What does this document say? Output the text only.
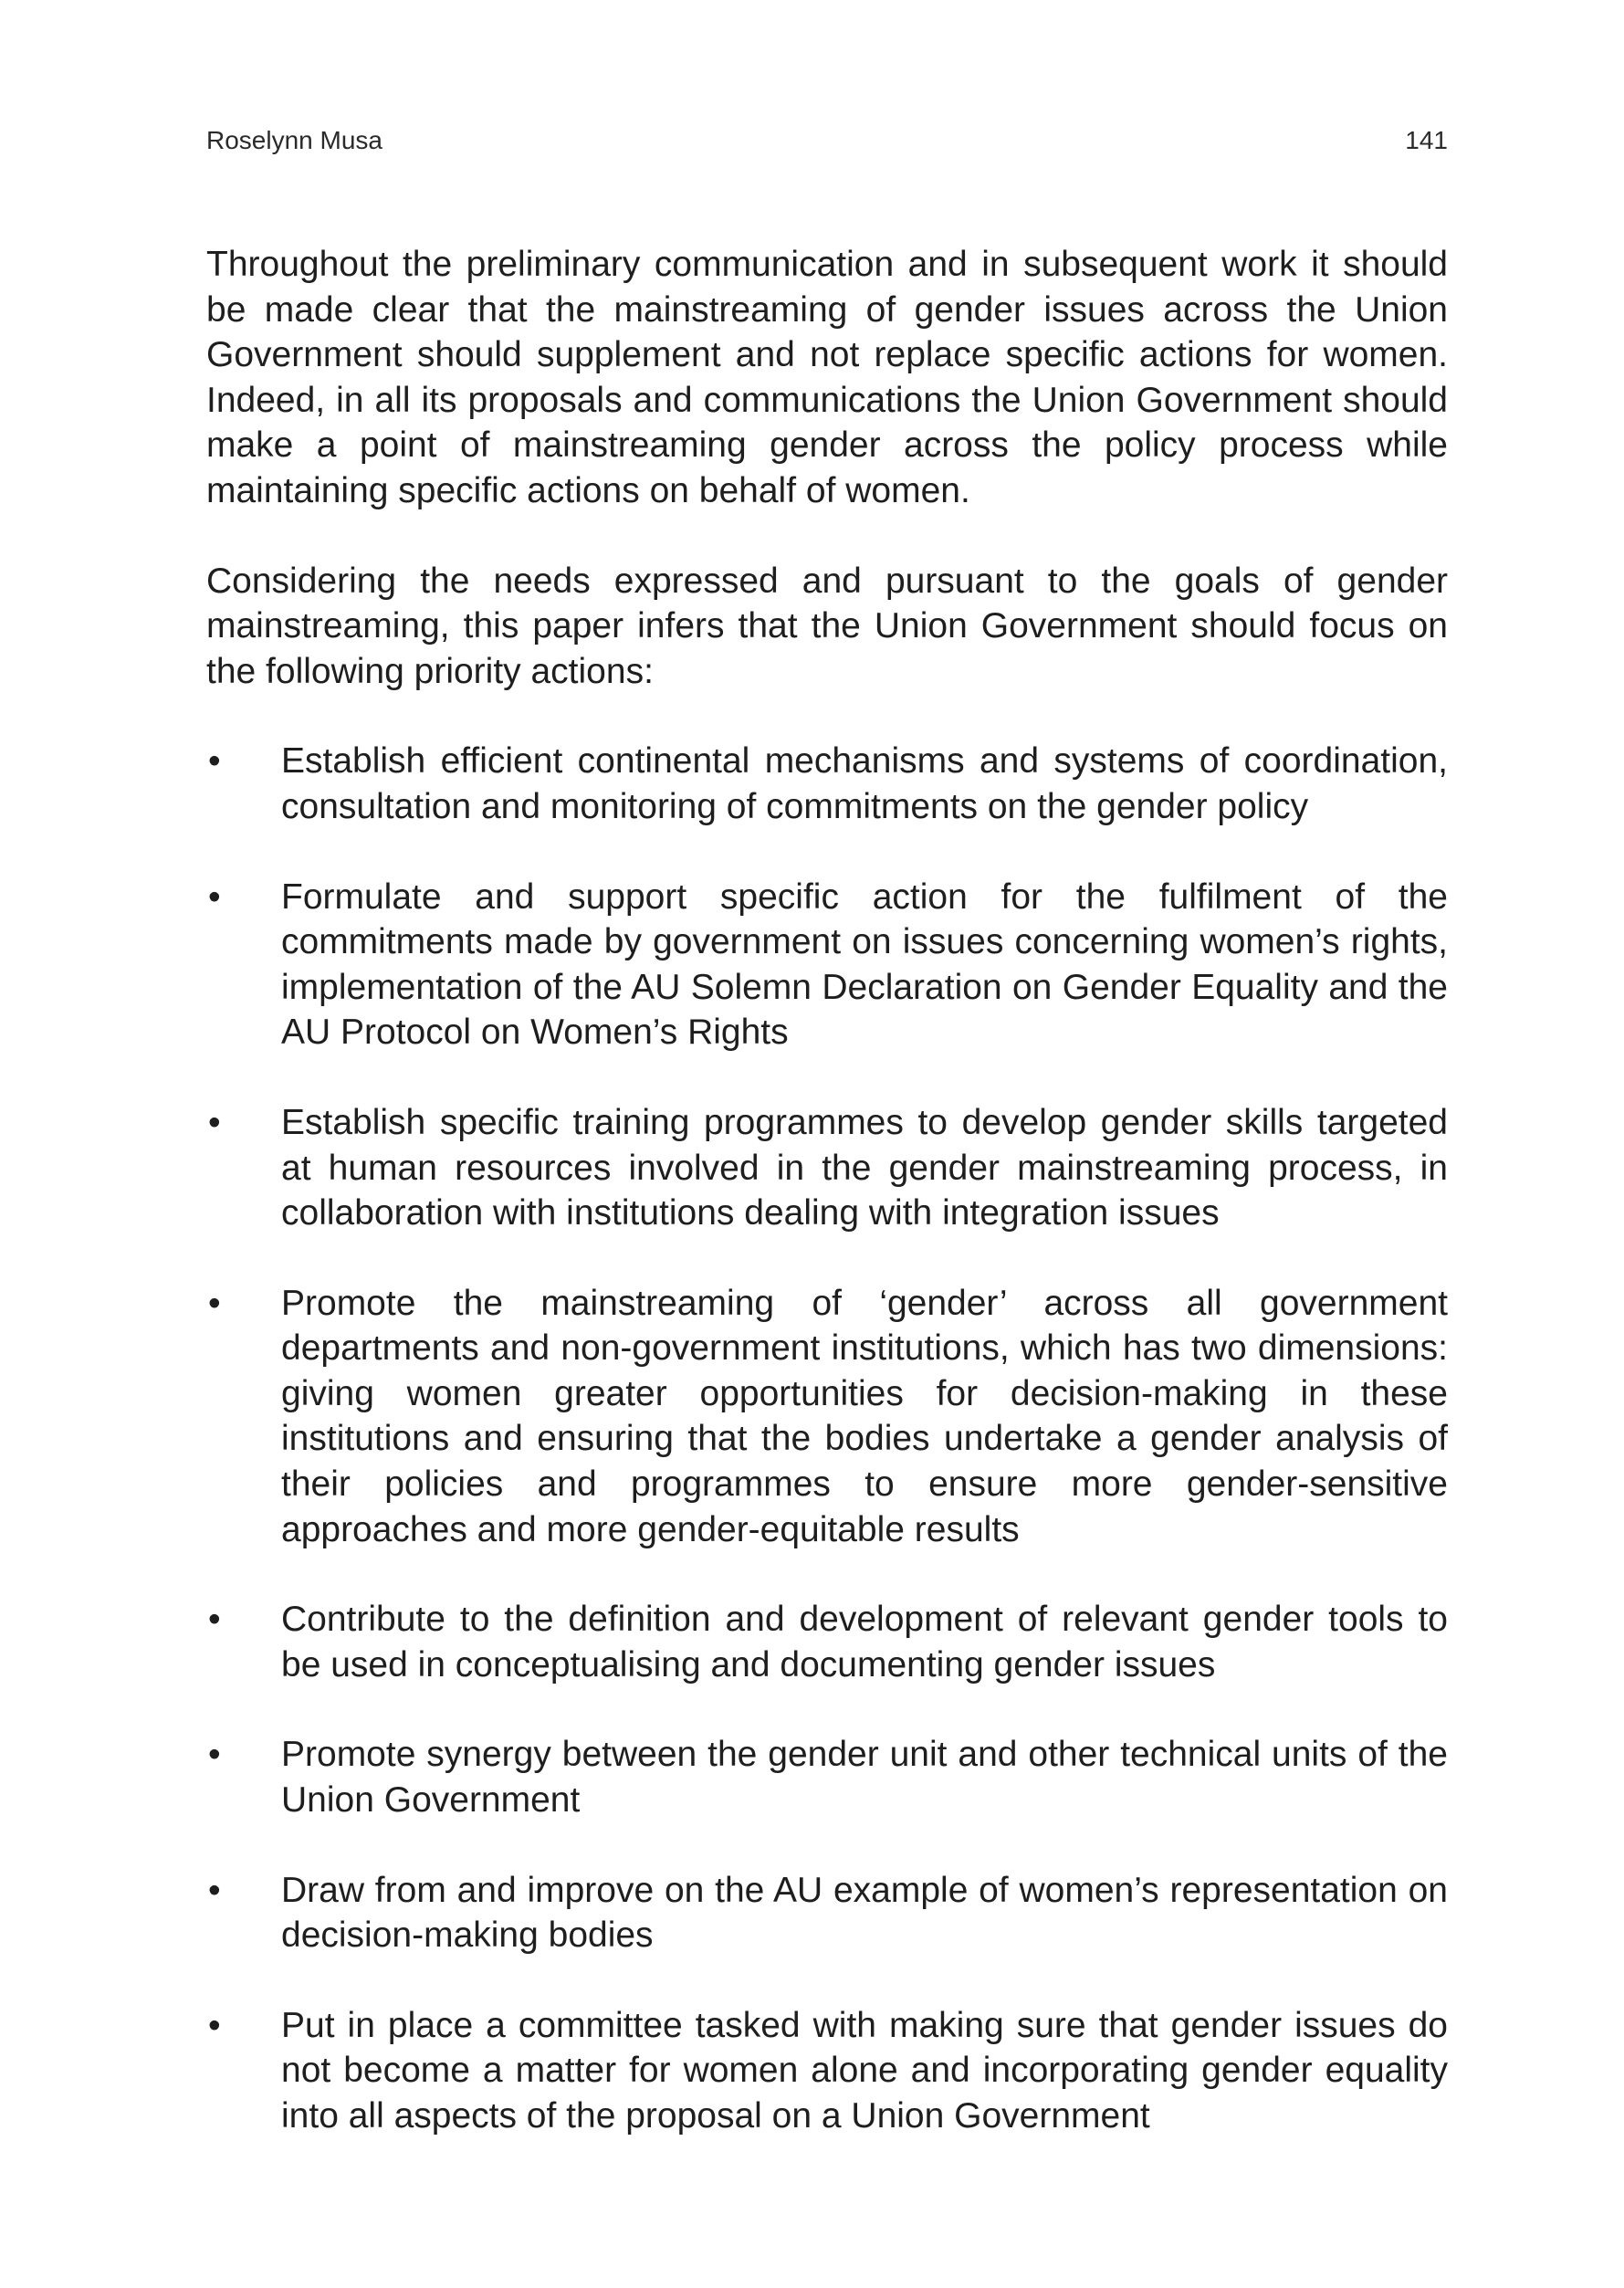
Roselynn Musa	141

Throughout the preliminary communication and in subsequent work it should be made clear that the mainstreaming of gender issues across the Union Government should supplement and not replace specific actions for women. Indeed, in all its proposals and communications the Union Government should make a point of mainstreaming gender across the policy process while maintaining specific actions on behalf of women.

Considering the needs expressed and pursuant to the goals of gender mainstreaming, this paper infers that the Union Government should focus on the following priority actions:

•	Establish efficient continental mechanisms and systems of coordination, consultation and monitoring of commitments on the gender policy
•	Formulate and support specific action for the fulfilment of the commitments made by government on issues concerning women’s rights, implementation of the AU Solemn Declaration on Gender Equality and the AU Protocol on Women’s Rights
•	Establish specific training programmes to develop gender skills targeted at human resources involved in the gender mainstreaming process, in collaboration with institutions dealing with integration issues
•	Promote the mainstreaming of ‘gender’ across all government departments and non-government institutions, which has two dimensions: giving women greater opportunities for decision-making in these institutions and ensuring that the bodies undertake a gender analysis of their policies and programmes to ensure more gender-sensitive approaches and more gender-equitable results
•	Contribute to the definition and development of relevant gender tools to be used in conceptualising and documenting gender issues
•	Promote synergy between the gender unit and other technical units of the Union Government
•	Draw from and improve on the AU example of women’s representation on decision-making bodies
•	Put in place a committee tasked with making sure that gender issues do not become a matter for women alone and incorporating gender equality into all aspects of the proposal on a Union Government
